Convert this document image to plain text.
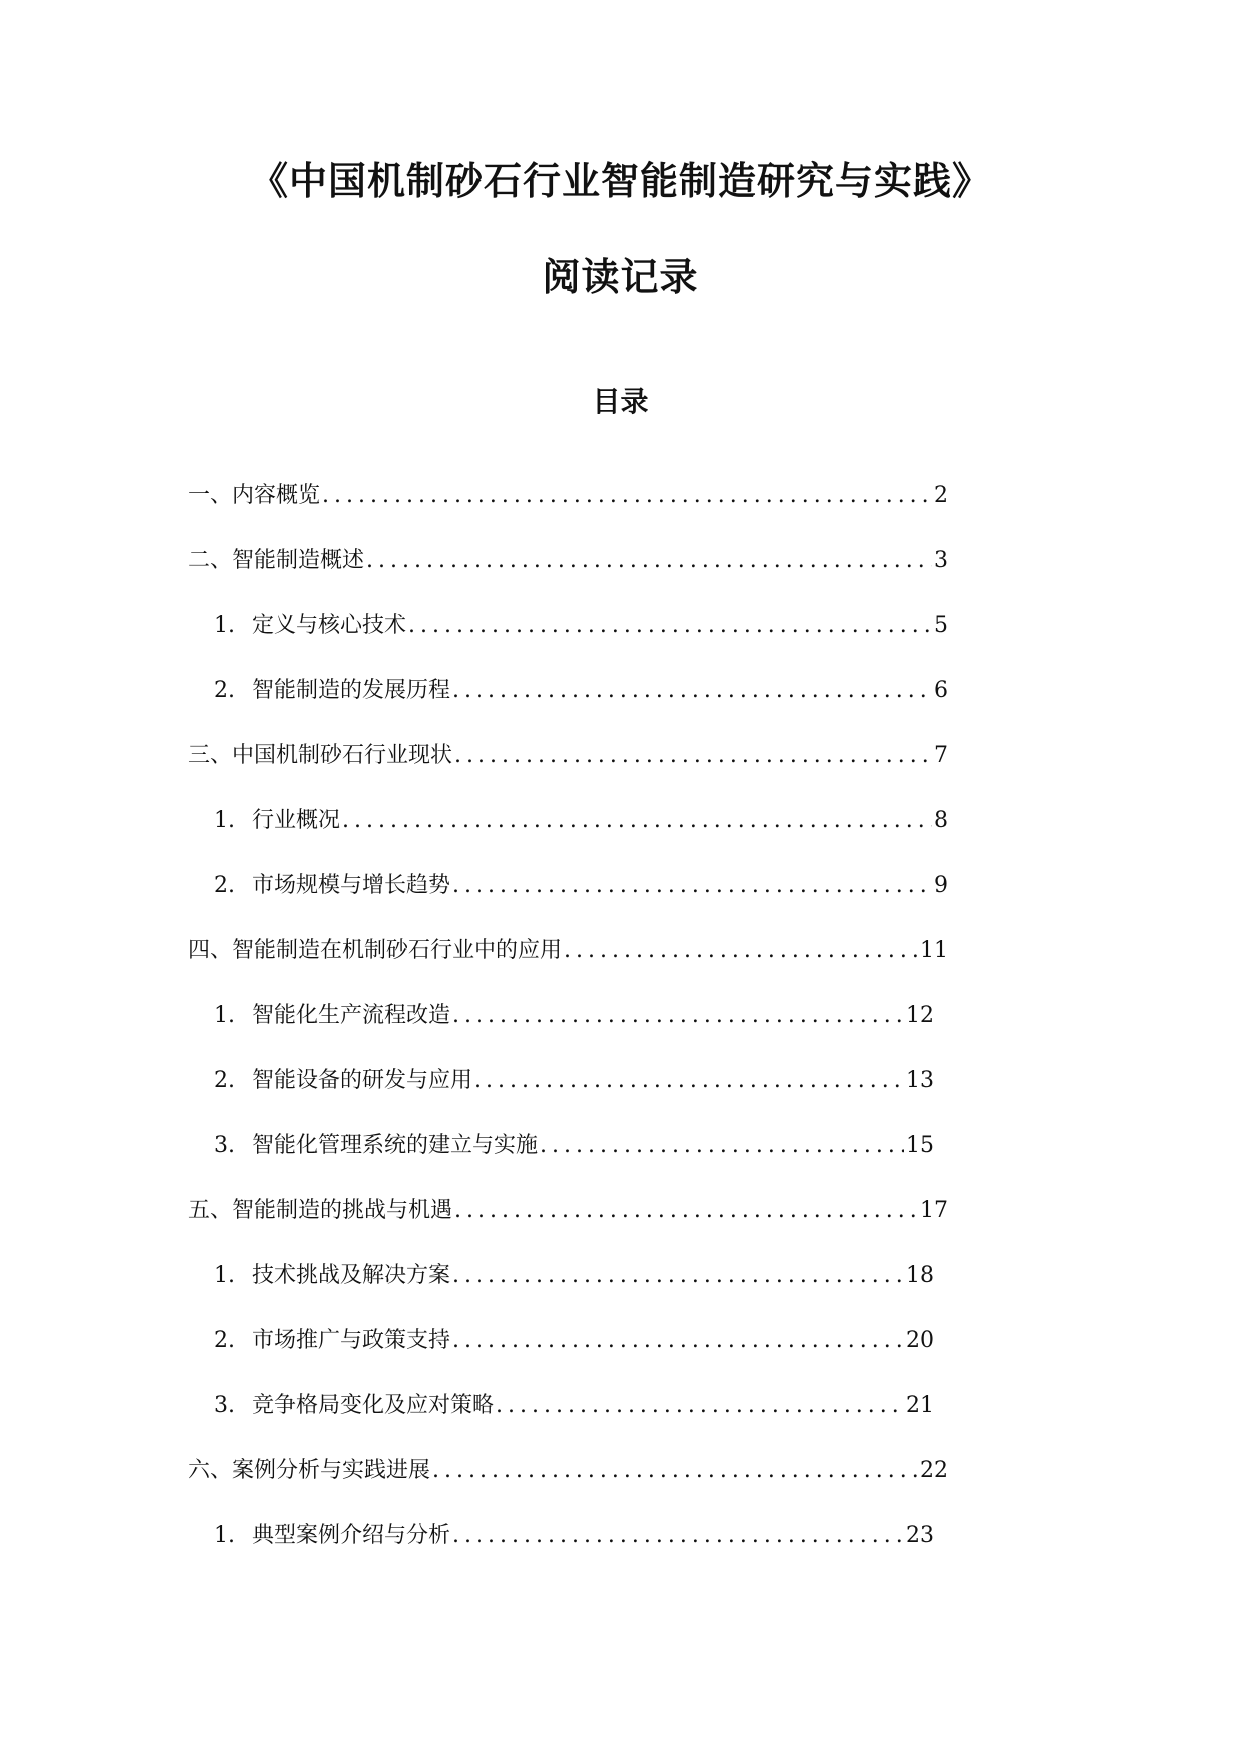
《中国机制砂石行业智能制造研究与实践》
阅读记录
目录
一、内容概览 .....	2
二、智能制造概述 .....	3
1. 定义与核心技术 .....	5
2. 智能制造的发展历程 .....	6
三、中国机制砂石行业现状 .....	7
1. 行业概况 .....	8
2. 市场规模与增长趋势 .....	9
四、智能制造在机制砂石行业中的应用 .....	11
1. 智能化生产流程改造 .....	12
2. 智能设备的研发与应用 .....	13
3. 智能化管理系统的建立与实施 .....	15
五、智能制造的挑战与机遇 .....	17
1. 技术挑战及解决方案 .....	18
2. 市场推广与政策支持 .....	20
3. 竞争格局变化及应对策略 .....	21
六、案例分析与实践进展 .....	22
1. 典型案例介绍与分析 .....	23
